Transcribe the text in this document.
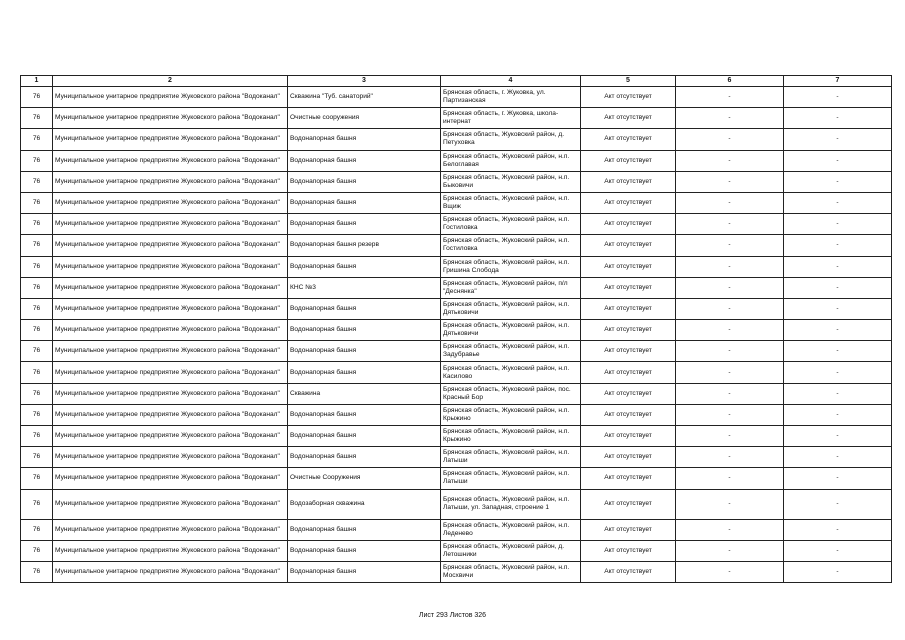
1	2	3	4	5	6	7
76	Муниципальное унитарное предприятие Жуковского района "Водоканал"	Скважина "Туб. санаторий"	Брянская область, г. Жуковка, ул. Партизанская	Акт отсутствует	-	-
76	Муниципальное унитарное предприятие Жуковского района "Водоканал"	Очистные сооружения	Брянская область, г. Жуковка, школа-интернат	Акт отсутствует	-	-
76	Муниципальное унитарное предприятие Жуковского района "Водоканал"	Водонапорная башня	Брянская область, Жуковский район, д. Петуховка	Акт отсутствует	-	-
76	Муниципальное унитарное предприятие Жуковского района "Водоканал"	Водонапорная башня	Брянская область, Жуковский район, н.п. Белоглавая	Акт отсутствует	-	-
76	Муниципальное унитарное предприятие Жуковского района "Водоканал"	Водонапорная башня	Брянская область, Жуковский район, н.п. Быковичи	Акт отсутствует	-	-
76	Муниципальное унитарное предприятие Жуковского района "Водоканал"	Водонапорная башня	Брянская область, Жуковский район, н.п. Вщиж	Акт отсутствует	-	-
76	Муниципальное унитарное предприятие Жуковского района "Водоканал"	Водонапорная башня	Брянская область, Жуковский район, н.п. Гостиловка	Акт отсутствует	-	-
76	Муниципальное унитарное предприятие Жуковского района "Водоканал"	Водонапорная башня резерв	Брянская область, Жуковский район, н.п. Гостиловка	Акт отсутствует	-	-
76	Муниципальное унитарное предприятие Жуковского района "Водоканал"	Водонапорная башня	Брянская область, Жуковский район, н.п. Гришина Слобода	Акт отсутствует	-	-
76	Муниципальное унитарное предприятие Жуковского района "Водоканал"	КНС №3	Брянская область, Жуковский район, п/л "Деснянка"	Акт отсутствует	-	-
76	Муниципальное унитарное предприятие Жуковского района "Водоканал"	Водонапорная башня	Брянская область, Жуковский район, н.п. Дятьковичи	Акт отсутствует	-	-
76	Муниципальное унитарное предприятие Жуковского района "Водоканал"	Водонапорная башня	Брянская область, Жуковский район, н.п. Дятьковичи	Акт отсутствует	-	-
76	Муниципальное унитарное предприятие Жуковского района "Водоканал"	Водонапорная башня	Брянская область, Жуковский район, н.п. Задубравье	Акт отсутствует	-	-
76	Муниципальное унитарное предприятие Жуковского района "Водоканал"	Водонапорная башня	Брянская область, Жуковский район, н.п. Касилово	Акт отсутствует	-	-
76	Муниципальное унитарное предприятие Жуковского района "Водоканал"	Скважина	Брянская область, Жуковский район, пос. Красный Бор	Акт отсутствует	-	-
76	Муниципальное унитарное предприятие Жуковского района "Водоканал"	Водонапорная башня	Брянская область, Жуковский район, н.п. Крыжино	Акт отсутствует	-	-
76	Муниципальное унитарное предприятие Жуковского района "Водоканал"	Водонапорная башня	Брянская область, Жуковский район, н.п. Крыжино	Акт отсутствует	-	-
76	Муниципальное унитарное предприятие Жуковского района "Водоканал"	Водонапорная башня	Брянская область, Жуковский район, н.п. Латыши	Акт отсутствует	-	-
76	Муниципальное унитарное предприятие Жуковского района "Водоканал"	Очистные Сооружения	Брянская область, Жуковский район, н.п. Латыши	Акт отсутствует	-	-
76	Муниципальное унитарное предприятие Жуковского района "Водоканал"	Водозаборная скважина	Брянская область, Жуковский район, н.п. Латыши, ул. Западная, строение 1	Акт отсутствует	-	-
76	Муниципальное унитарное предприятие Жуковского района "Водоканал"	Водонапорная башня	Брянская область, Жуковский район, н.п. Леденево	Акт отсутствует	-	-
76	Муниципальное унитарное предприятие Жуковского района "Водоканал"	Водонапорная башня	Брянская область, Жуковский район, д. Летошники	Акт отсутствует	-	-
76	Муниципальное унитарное предприятие Жуковского района "Водоканал"	Водонапорная башня	Брянская область, Жуковский район, н.п. Мосхвичи	Акт отсутствует	-	-
Лист 293 Листов 326
